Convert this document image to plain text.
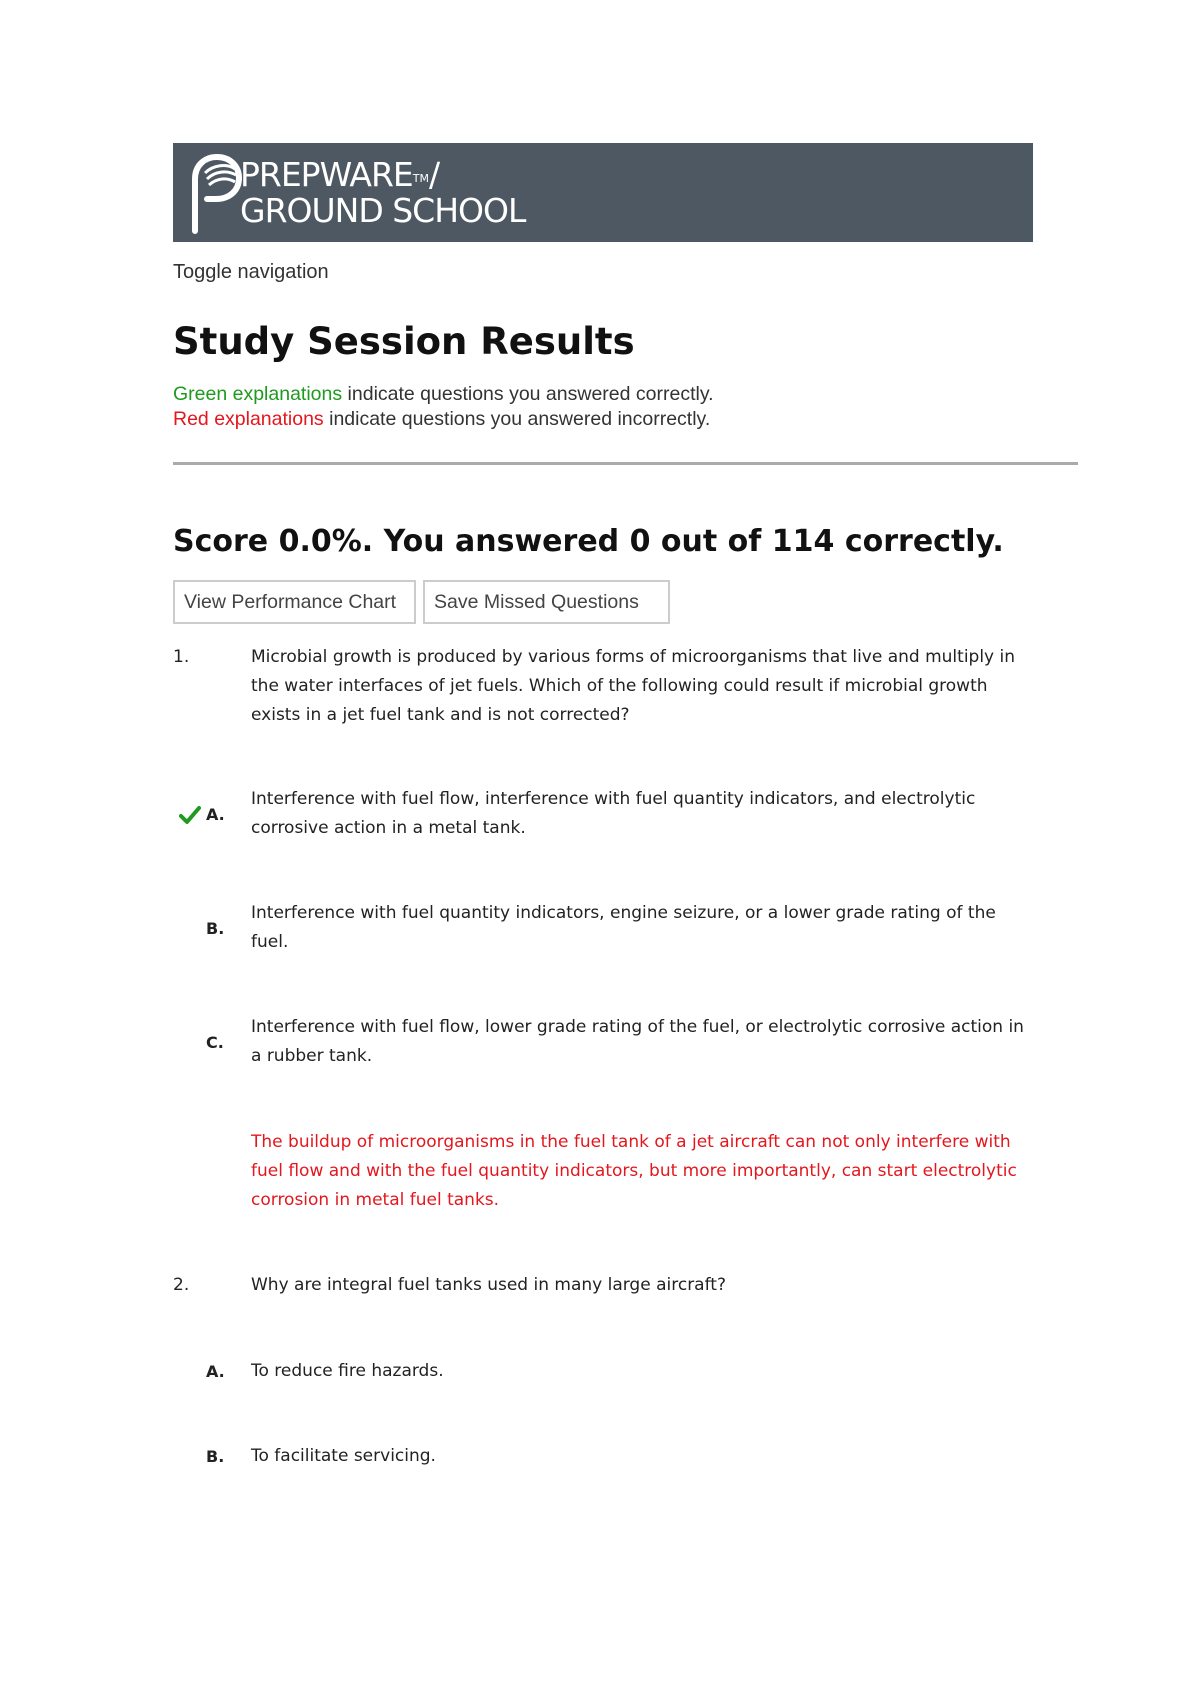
PREPWARE™/
GROUND SCHOOL
Toggle navigation
Study Session Results
Green explanations indicate questions you answered correctly.
Red explanations indicate questions you answered incorrectly.
Score 0.0%. You answered 0 out of 114 correctly.
View Performance Chart	Save Missed Questions
1.	Microbial growth is produced by various forms of microorganisms that live and multiply in the water interfaces of jet fuels. Which of the following could result if microbial growth exists in a jet fuel tank and is not corrected?
A.
Interference with fuel flow, interference with fuel quantity indicators, and electrolytic corrosive action in a metal tank.
B.
Interference with fuel quantity indicators, engine seizure, or a lower grade rating of the fuel.
C.
Interference with fuel flow, lower grade rating of the fuel, or electrolytic corrosive action in a rubber tank.
The buildup of microorganisms in the fuel tank of a jet aircraft can not only interfere with fuel flow and with the fuel quantity indicators, but more importantly, can start electrolytic corrosion in metal fuel tanks.
2.	Why are integral fuel tanks used in many large aircraft?
A.	To reduce fire hazards.
B.	To facilitate servicing.
